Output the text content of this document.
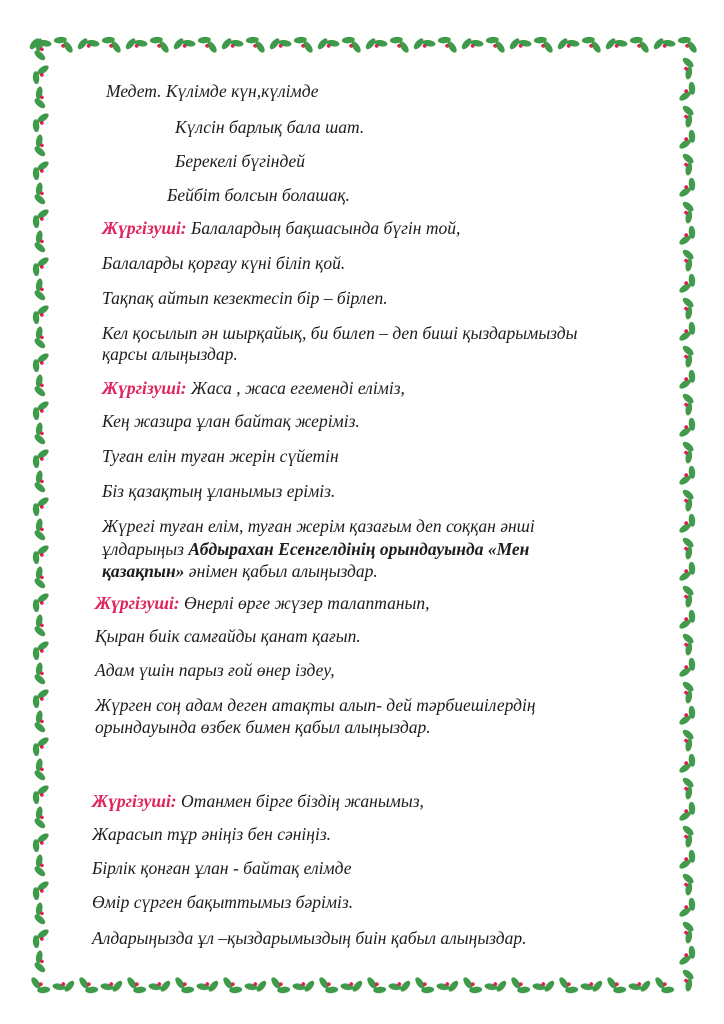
Медет. Күлімде күн,күлімде
Күлсін барлық бала шат.
Берекелі бүгіндей
Бейбіт болсын болашақ.
Жүргізуші: Балалардың бақшасында бүгін той,
Балаларды қорғау күні біліп қой.
Тақпақ айтып кезектесіп бір – бірлеп.
Кел қосылып ән шырқайық, би билеп – деп биші қыздарымызды
қарсы алыңыздар.
Жүргізуші: Жаса , жаса егеменді еліміз,
Кең жазира ұлан байтақ жеріміз.
Туған елін туған жерін сүйетін
Біз қазақтың ұланымыз еріміз.
Жүрегі туған елім, туған жерім қазағым деп соққан әнші
ұлдарыңыз Абдырахан Есенгелдінің орындауында «Мен
қазақпын» әнімен қабыл алыңыздар.
Жүргізуші: Өнерлі өрге жүзер талаптанып,
Қыран биік самғайды қанат қағып.
Адам үшін парыз ғой өнер іздеу,
Жүрген соң адам деген атақты алып- дей тәрбиешілердің
орындауында өзбек бимен қабыл алыңыздар.
Жүргізуші: Отанмен бірге біздің жанымыз,
Жарасып тұр әніңіз бен сәніңіз.
Бірлік қонған ұлан - байтақ елімде
Өмір сүрген бақыттымыз бәріміз.
Алдарыңызда ұл –қыздарымыздың биін қабыл алыңыздар.
